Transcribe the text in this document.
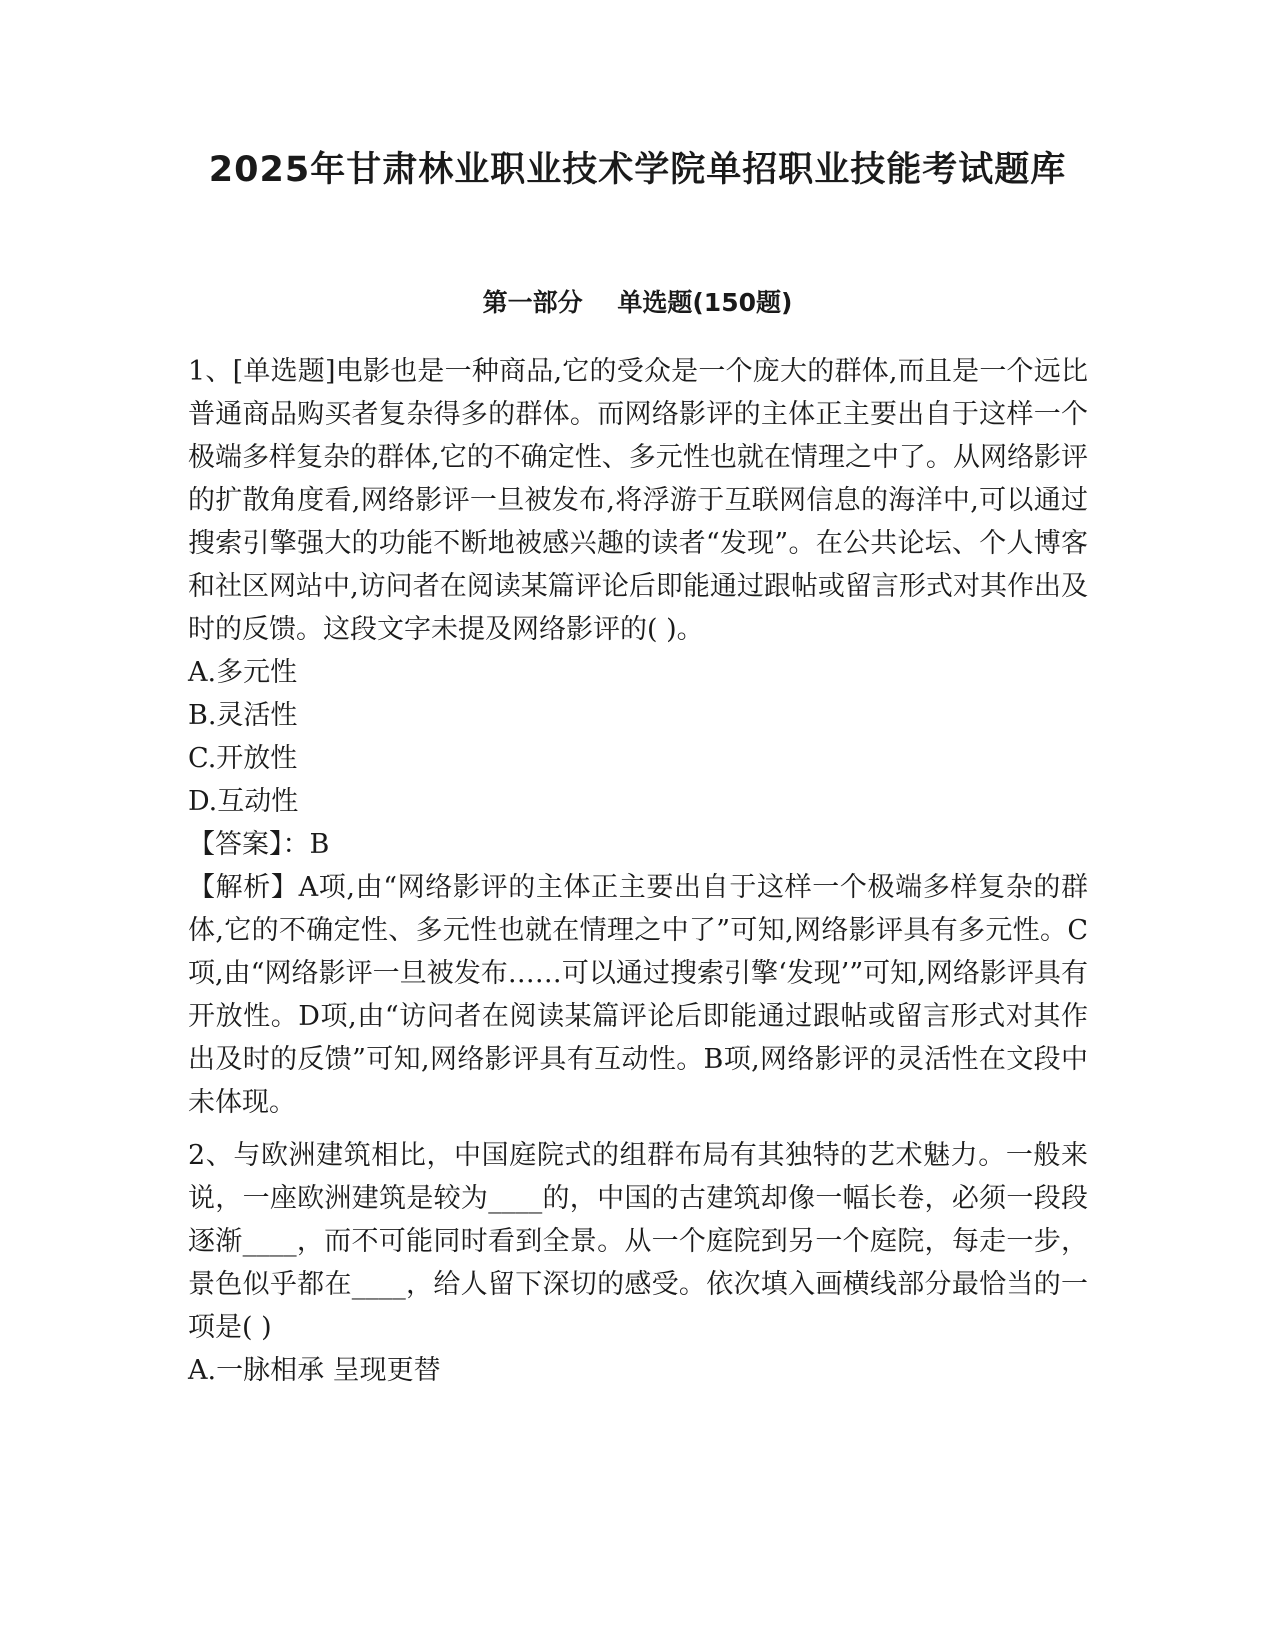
2025年甘肃林业职业技术学院单招职业技能考试题库
第一部分    单选题(150题)

1、[单选题]电影也是一种商品,它的受众是一个庞大的群体,而且是一个远比普通商品购买者复杂得多的群体。而网络影评的主体正主要出自于这样一个极端多样复杂的群体,它的不确定性、多元性也就在情理之中了。从网络影评的扩散角度看,网络影评一旦被发布,将浮游于互联网信息的海洋中,可以通过搜索引擎强大的功能不断地被感兴趣的读者“发现”。在公共论坛、个人博客和社区网站中,访问者在阅读某篇评论后即能通过跟帖或留言形式对其作出及时的反馈。这段文字未提及网络影评的( )。

A.多元性

B.灵活性

C.开放性

D.互动性

【答案】：B

【解析】A项,由“网络影评的主体正主要出自于这样一个极端多样复杂的群体,它的不确定性、多元性也就在情理之中了”可知,网络影评具有多元性。C项,由“网络影评一旦被发布……可以通过搜索引擎‘发现’”可知,网络影评具有开放性。D项,由“访问者在阅读某篇评论后即能通过跟帖或留言形式对其作出及时的反馈”可知,网络影评具有互动性。B项,网络影评的灵活性在文段中未体现。

2、与欧洲建筑相比，中国庭院式的组群布局有其独特的艺术魅力。一般来说，一座欧洲建筑是较为____的，中国的古建筑却像一幅长卷，必须一段段逐渐____，而不可能同时看到全景。从一个庭院到另一个庭院，每走一步，景色似乎都在____，给人留下深切的感受。依次填入画横线部分最恰当的一项是( )

A.一脉相承 呈现更替
